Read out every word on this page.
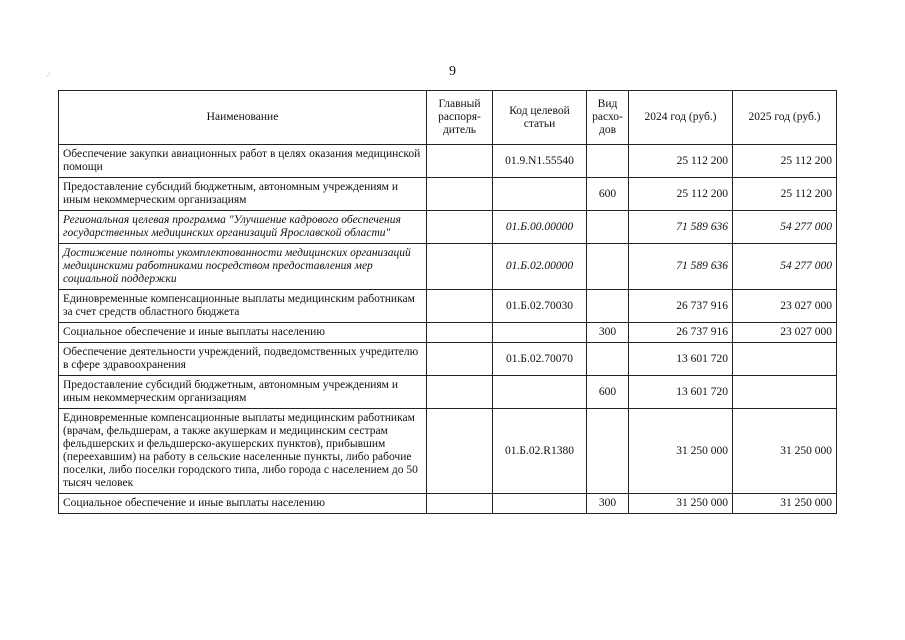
⁄	9
Наименование	Главный распоря-дитель	Код целевой статьи	Вид расхо-дов	2024 год (руб.)	2025 год (руб.)
Обеспечение закупки авиационных работ в целях оказания медицинской помощи		01.9.N1.55540		25 112 200	25 112 200
Предоставление субсидий бюджетным, автономным учреждениям и иным некоммерческим организациям			600	25 112 200	25 112 200
Региональная целевая программа "Улучшение кадрового обеспечения государственных медицинских организаций Ярославской области"		01.Б.00.00000		71 589 636	54 277 000
Достижение полноты укомплектованности медицинских организаций медицинскими работниками посредством предоставления мер социальной поддержки		01.Б.02.00000		71 589 636	54 277 000
Единовременные компенсационные выплаты медицинским работникам за счет средств областного бюджета		01.Б.02.70030		26 737 916	23 027 000
Социальное обеспечение и иные выплаты населению			300	26 737 916	23 027 000
Обеспечение деятельности учреждений, подведомственных учредителю в сфере здравоохранения		01.Б.02.70070		13 601 720	
Предоставление субсидий бюджетным, автономным учреждениям и иным некоммерческим организациям			600	13 601 720	
Единовременные компенсационные выплаты медицинским работникам (врачам, фельдшерам, а также акушеркам и медицинским сестрам фельдшерских и фельдшерско-акушерских пунктов), прибывшим (переехавшим) на работу в сельские населенные пункты, либо рабочие поселки, либо поселки городского типа, либо города с населением до 50 тысяч человек		01.Б.02.R1380		31 250 000	31 250 000
Социальное обеспечение и иные выплаты населению			300	31 250 000	31 250 000
